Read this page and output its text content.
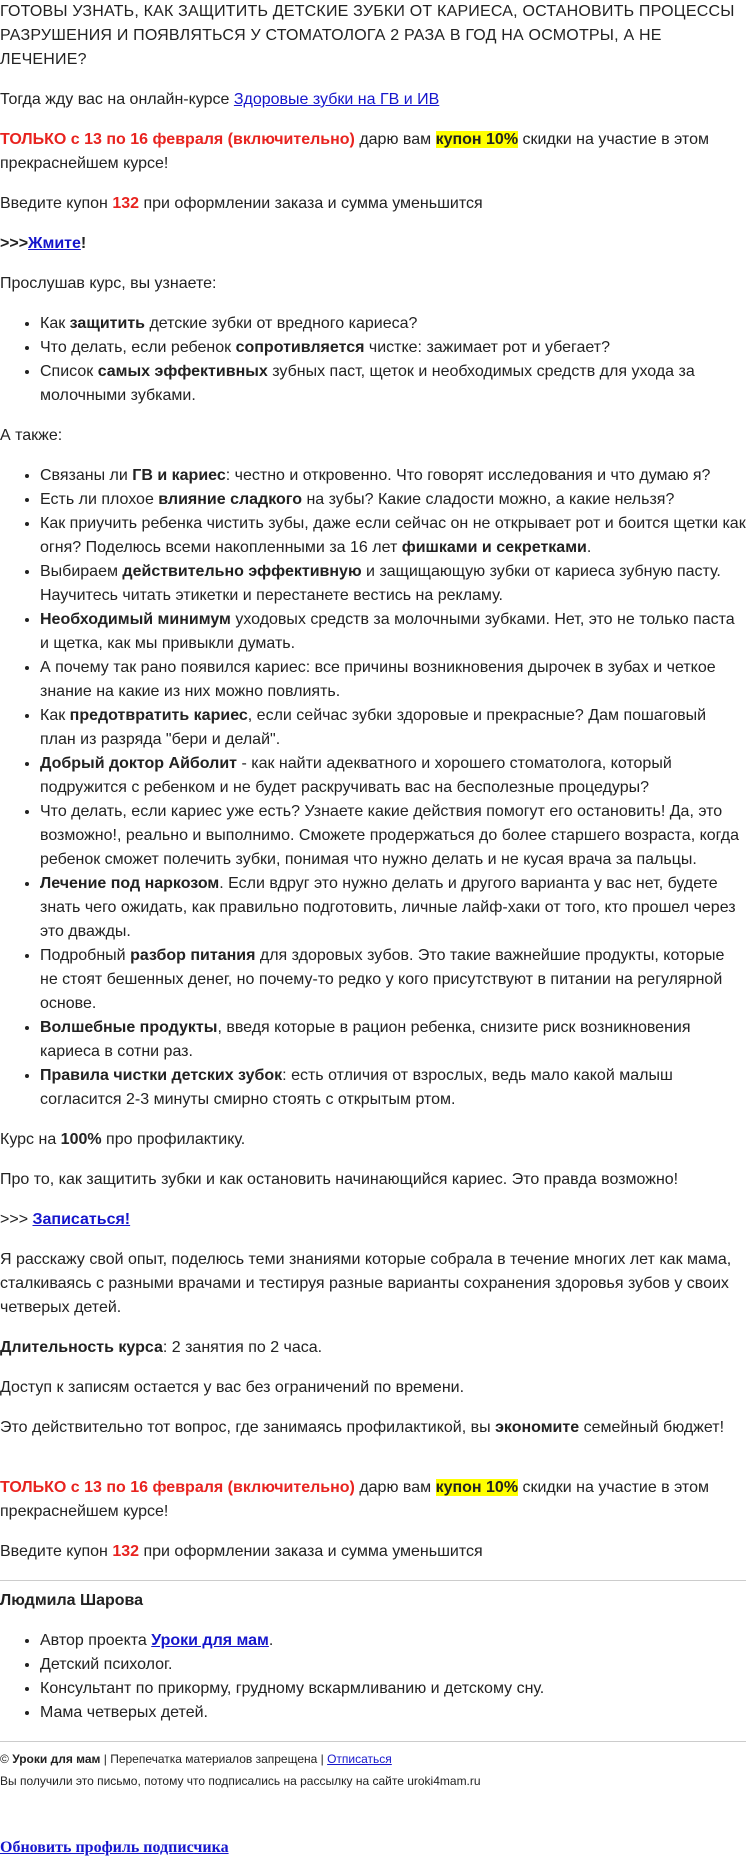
ГОТОВЫ УЗНАТЬ, КАК ЗАЩИТИТЬ ДЕТСКИЕ ЗУБКИ ОТ КАРИЕСА, ОСТАНОВИТЬ ПРОЦЕССЫ РАЗРУШЕНИЯ И ПОЯВЛЯТЬСЯ У СТОМАТОЛОГА 2 РАЗА В ГОД НА ОСМОТРЫ, А НЕ ЛЕЧЕНИЕ?

Тогда жду вас на онлайн-курсе Здоровые зубки на ГВ и ИВ

ТОЛЬКО с 13 по 16 февраля (включительно) дарю вам купон 10% скидки на участие в этом прекраснейшем курсе!

Введите купон 132 при оформлении заказа и сумма уменьшится

>>>Жмите!

Прослушав курс, вы узнаете:

• Как защитить детские зубки от вредного кариеса?
• Что делать, если ребенок сопротивляется чистке: зажимает рот и убегает?
• Список самых эффективных зубных паст, щеток и необходимых средств для ухода за молочными зубками.

А также:

• Связаны ли ГВ и кариес: честно и откровенно. Что говорят исследования и что думаю я?
• Есть ли плохое влияние сладкого на зубы? Какие сладости можно, а какие нельзя?
• Как приучить ребенка чистить зубы, даже если сейчас он не открывает рот и боится щетки как огня? Поделюсь всеми накопленными за 16 лет фишками и секретками.
• Выбираем действительно эффективную и защищающую зубки от кариеса зубную пасту. Научитесь читать этикетки и перестанете вестись на рекламу.
• Необходимый минимум уходовых средств за молочными зубками. Нет, это не только паста и щетка, как мы привыкли думать.
• А почему так рано появился кариес: все причины возникновения дырочек в зубах и четкое знание на какие из них можно повлиять.
• Как предотвратить кариес, если сейчас зубки здоровые и прекрасные? Дам пошаговый план из разряда "бери и делай".
• Добрый доктор Айболит - как найти адекватного и хорошего стоматолога, который подружится с ребенком и не будет раскручивать вас на бесполезные процедуры?
• Что делать, если кариес уже есть? Узнаете какие действия помогут его остановить! Да, это возможно!, реально и выполнимо. Сможете продержаться до более старшего возраста, когда ребенок сможет полечить зубки, понимая что нужно делать и не кусая врача за пальцы.
• Лечение под наркозом. Если вдруг это нужно делать и другого варианта у вас нет, будете знать чего ожидать, как правильно подготовить, личные лайф-хаки от того, кто прошел через это дважды.
• Подробный разбор питания для здоровых зубов. Это такие важнейшие продукты, которые не стоят бешенных денег, но почему-то редко у кого присутствуют в питании на регулярной основе.
• Волшебные продукты, введя которые в рацион ребенка, снизите риск возникновения кариеса в сотни раз.
• Правила чистки детских зубок: есть отличия от взрослых, ведь мало какой малыш согласится 2-3 минуты смирно стоять с открытым ртом.

Курс на 100% про профилактику.

Про то, как защитить зубки и как остановить начинающийся кариес. Это правда возможно!

>>> Записаться!

Я расскажу свой опыт, поделюсь теми знаниями которые собрала в течение многих лет как мама, сталкиваясь с разными врачами и тестируя разные варианты сохранения здоровья зубов у своих четверых детей.

Длительность курса: 2 занятия по 2 часа.

Доступ к записям остается у вас без ограничений по времени.

Это действительно тот вопрос, где занимаясь профилактикой, вы экономите семейный бюджет!

ТОЛЬКО с 13 по 16 февраля (включительно) дарю вам купон 10% скидки на участие в этом прекраснейшем курсе!

Введите купон 132 при оформлении заказа и сумма уменьшится

Людмила Шарова

• Автор проекта Уроки для мам.
• Детский психолог.
• Консультант по прикорму, грудному вскармливанию и детскому сну.
• Мама четверых детей.

© Уроки для мам | Перепечатка материалов запрещена | Отписаться

Вы получили это письмо, потому что подписались на рассылку на сайте uroki4mam.ru

Обновить профиль подписчика
